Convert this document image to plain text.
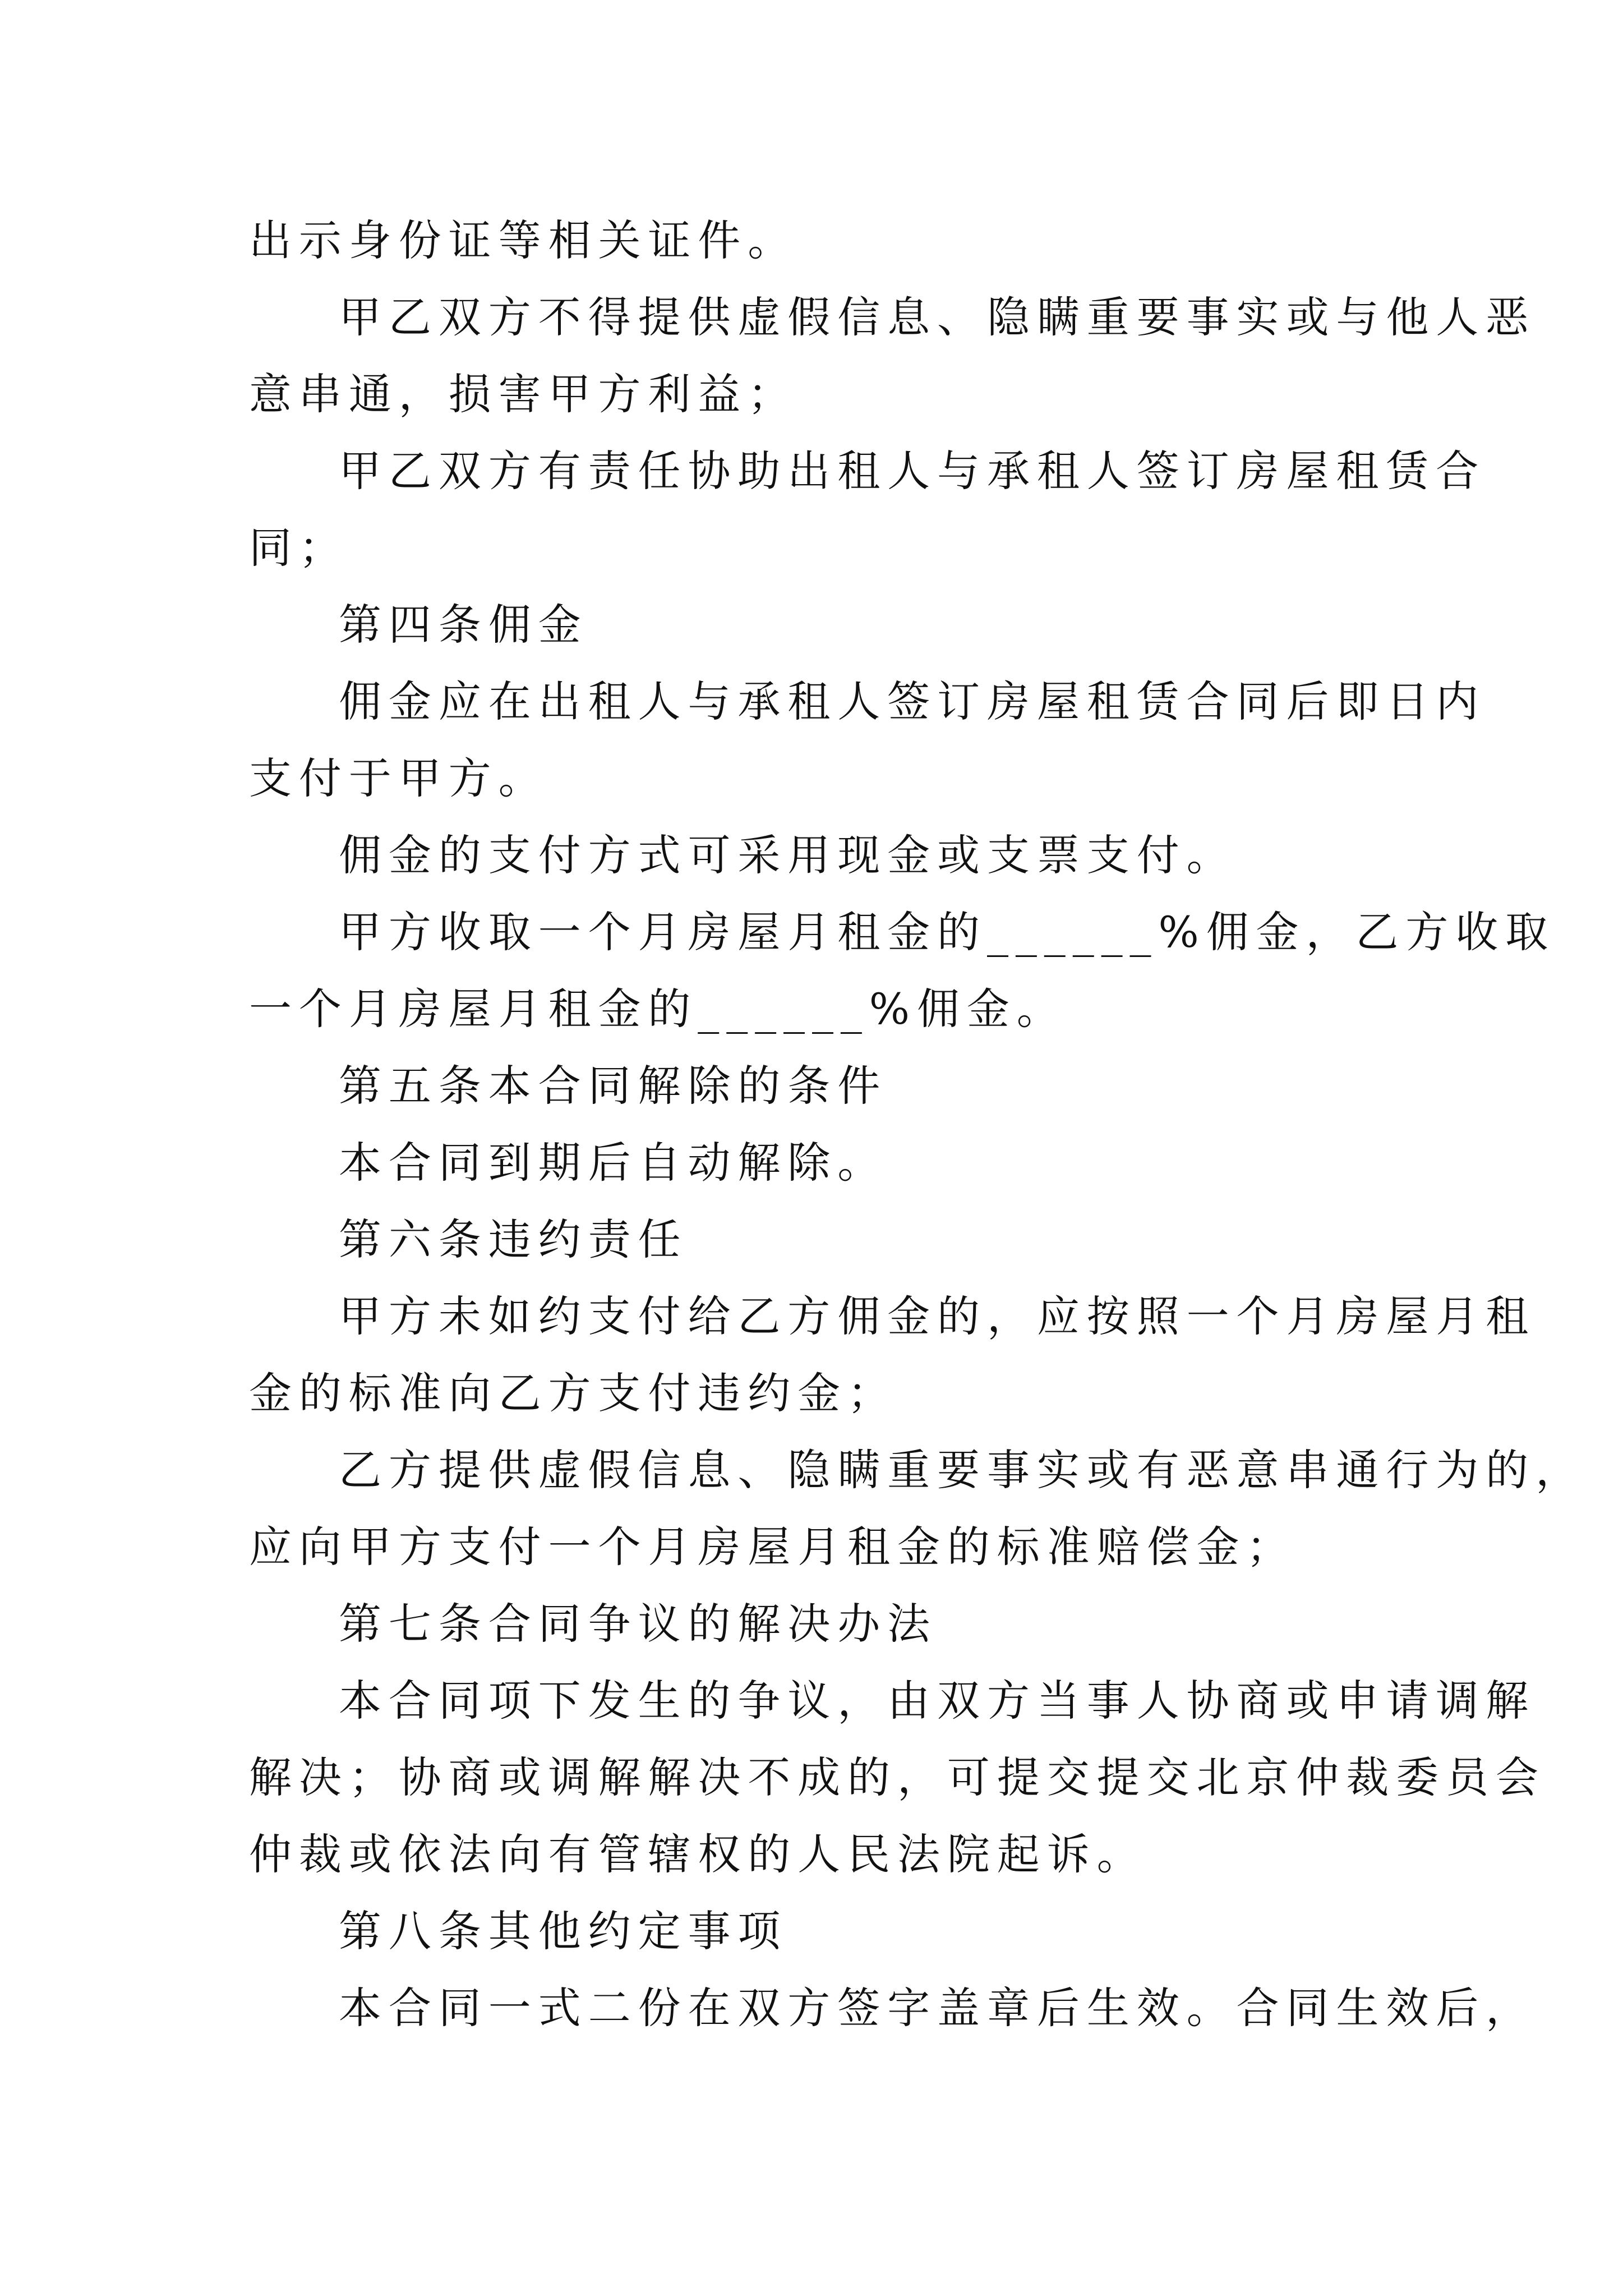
出示身份证等相关证件。
甲乙双方不得提供虚假信息、隐瞒重要事实或与他人恶
意串通，损害甲方利益；
甲乙双方有责任协助出租人与承租人签订房屋租赁合
同；
第四条佣金
佣金应在出租人与承租人签订房屋租赁合同后即日内
支付于甲方。
佣金的支付方式可采用现金或支票支付。
甲方收取一个月房屋月租金的______%佣金，乙方收取
一个月房屋月租金的______%佣金。
第五条本合同解除的条件
本合同到期后自动解除。
第六条违约责任
甲方未如约支付给乙方佣金的，应按照一个月房屋月租
金的标准向乙方支付违约金；
乙方提供虚假信息、隐瞒重要事实或有恶意串通行为的，
应向甲方支付一个月房屋月租金的标准赔偿金；
第七条合同争议的解决办法
本合同项下发生的争议，由双方当事人协商或申请调解
解决；协商或调解解决不成的，可提交提交北京仲裁委员会
仲裁或依法向有管辖权的人民法院起诉。
第八条其他约定事项
本合同一式二份在双方签字盖章后生效。合同生效后，
